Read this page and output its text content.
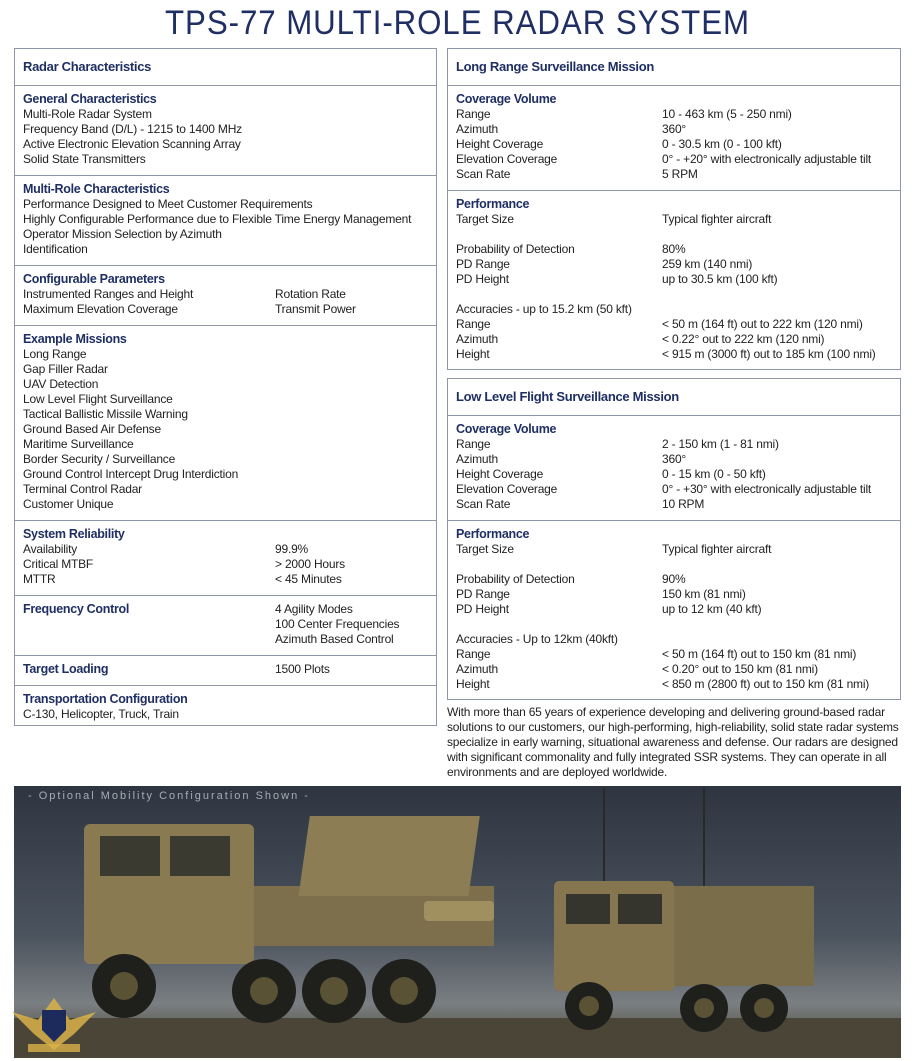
TPS-77 MULTI-ROLE RADAR SYSTEM
Radar Characteristics
General Characteristics
Multi-Role Radar System
Frequency Band (D/L) - 1215 to 1400 MHz
Active Electronic Elevation Scanning Array
Solid State Transmitters
Multi-Role Characteristics
Performance Designed to Meet Customer Requirements
Highly Configurable Performance due to Flexible Time Energy Management
Operator Mission Selection by Azimuth
Identification
Configurable Parameters
Instrumented Ranges and Height	Rotation Rate
Maximum Elevation Coverage	Transmit Power
Example Missions
Long Range
Gap Filler Radar
UAV Detection
Low Level Flight Surveillance
Tactical Ballistic Missile Warning
Ground Based Air Defense
Maritime Surveillance
Border Security / Surveillance
Ground Control Intercept Drug Interdiction
Terminal Control Radar
Customer Unique
System Reliability
Availability	99.9%
Critical MTBF	> 2000 Hours
MTTR	< 45 Minutes
Frequency Control	4 Agility Modes
100 Center Frequencies
Azimuth Based Control
Target Loading	1500 Plots
Transportation Configuration
C-130, Helicopter, Truck, Train
Long Range Surveillance Mission
Coverage Volume
Range	10 - 463 km (5 - 250 nmi)
Azimuth	360°
Height Coverage	0 - 30.5 km (0 - 100 kft)
Elevation Coverage	0° - +20° with electronically adjustable tilt
Scan Rate	5 RPM
Performance
Target Size	Typical fighter aircraft
Probability of Detection	80%
PD Range	259 km (140 nmi)
PD Height	up to 30.5 km (100 kft)
Accuracies - up to 15.2 km (50 kft)
Range	< 50 m (164 ft) out to 222 km (120 nmi)
Azimuth	< 0.22° out to 222 km (120 nmi)
Height	< 915 m (3000 ft) out to 185 km (100 nmi)
Low Level Flight Surveillance Mission
Coverage Volume
Range	2 - 150 km (1 - 81 nmi)
Azimuth	360°
Height Coverage	0 - 15 km (0 - 50 kft)
Elevation Coverage	0° - +30° with electronically adjustable tilt
Scan Rate	10 RPM
Performance
Target Size	Typical fighter aircraft
Probability of Detection	90%
PD Range	150 km (81 nmi)
PD Height	up to 12 km (40 kft)
Accuracies - Up to 12km (40kft)
Range	< 50 m (164 ft) out to 150 km (81 nmi)
Azimuth	< 0.20° out to 150 km (81 nmi)
Height	< 850 m (2800 ft) out to 150 km (81 nmi)
With more than 65 years of experience developing and delivering ground-based radar solutions to our customers, our high-performing, high-reliability, solid state radar systems specialize in early warning, situational awareness and defense. Our radars are designed with significant commonality and fully integrated SSR systems. They can operate in all environments and are deployed worldwide.
- Optional Mobility Configuration Shown -
